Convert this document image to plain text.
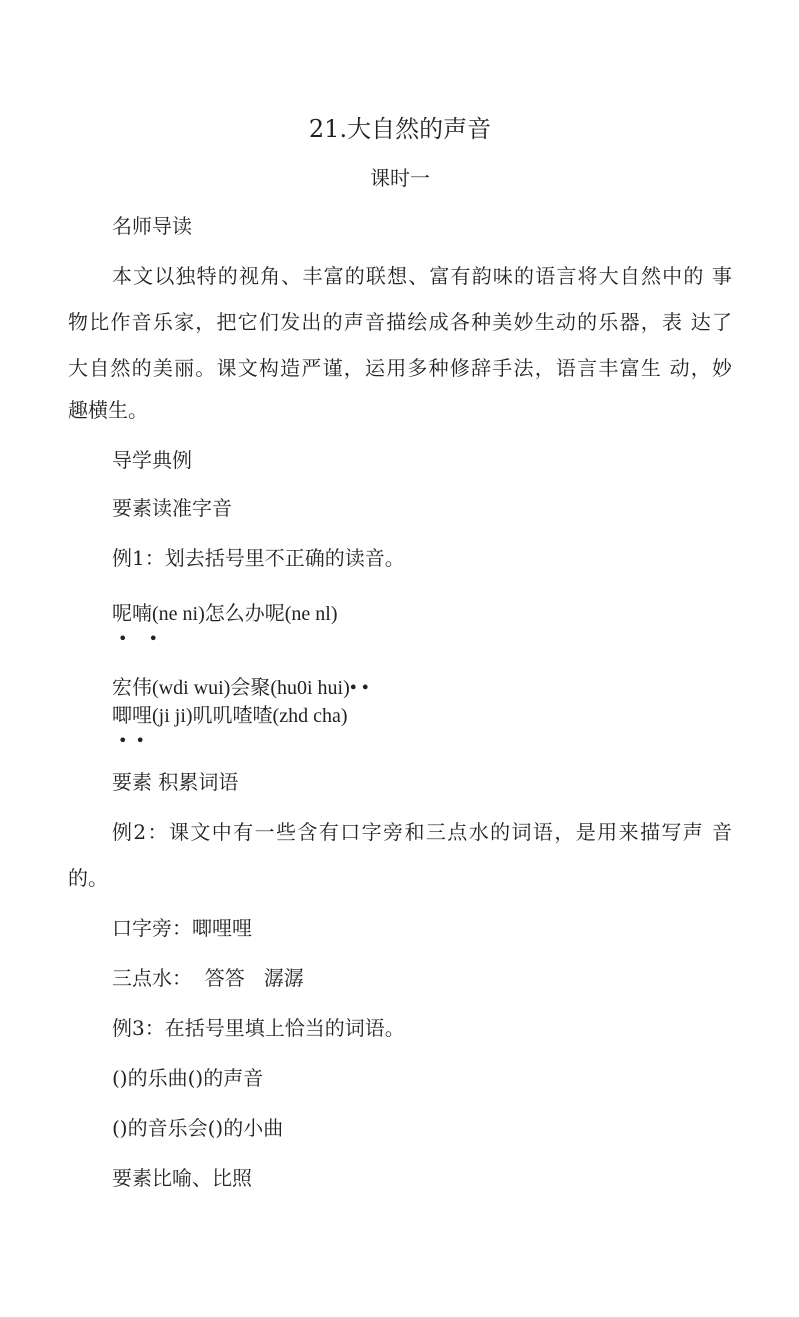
21.大自然的声音
课时一
名师导读
本文以独特的视角、丰富的联想、富有韵味的语言将大自然中的 事
物比作音乐家，把它们发出的声音描绘成各种美妙生动的乐器，表 达了
大自然的美丽。课文构造严谨，运用多种修辞手法，语言丰富生 动，妙
趣横生。
导学典例
要素读准字音
例1：划去括号里不正确的读音。
呢喃(ne ni)怎么办呢(ne nl)
• •
宏伟(wdi wui)会聚(hu0i hui)• •
唧哩(ji ji)叽叽喳喳(zhd cha)
••
要素 积累词语
例2：课文中有一些含有口字旁和三点水的词语，是用来描写声 音
的。
口字旁：唧哩哩
三点水：  答答   潺潺
例3：在括号里填上恰当的词语。
()的乐曲()的声音
()的音乐会()的小曲
要素比喻、比照
